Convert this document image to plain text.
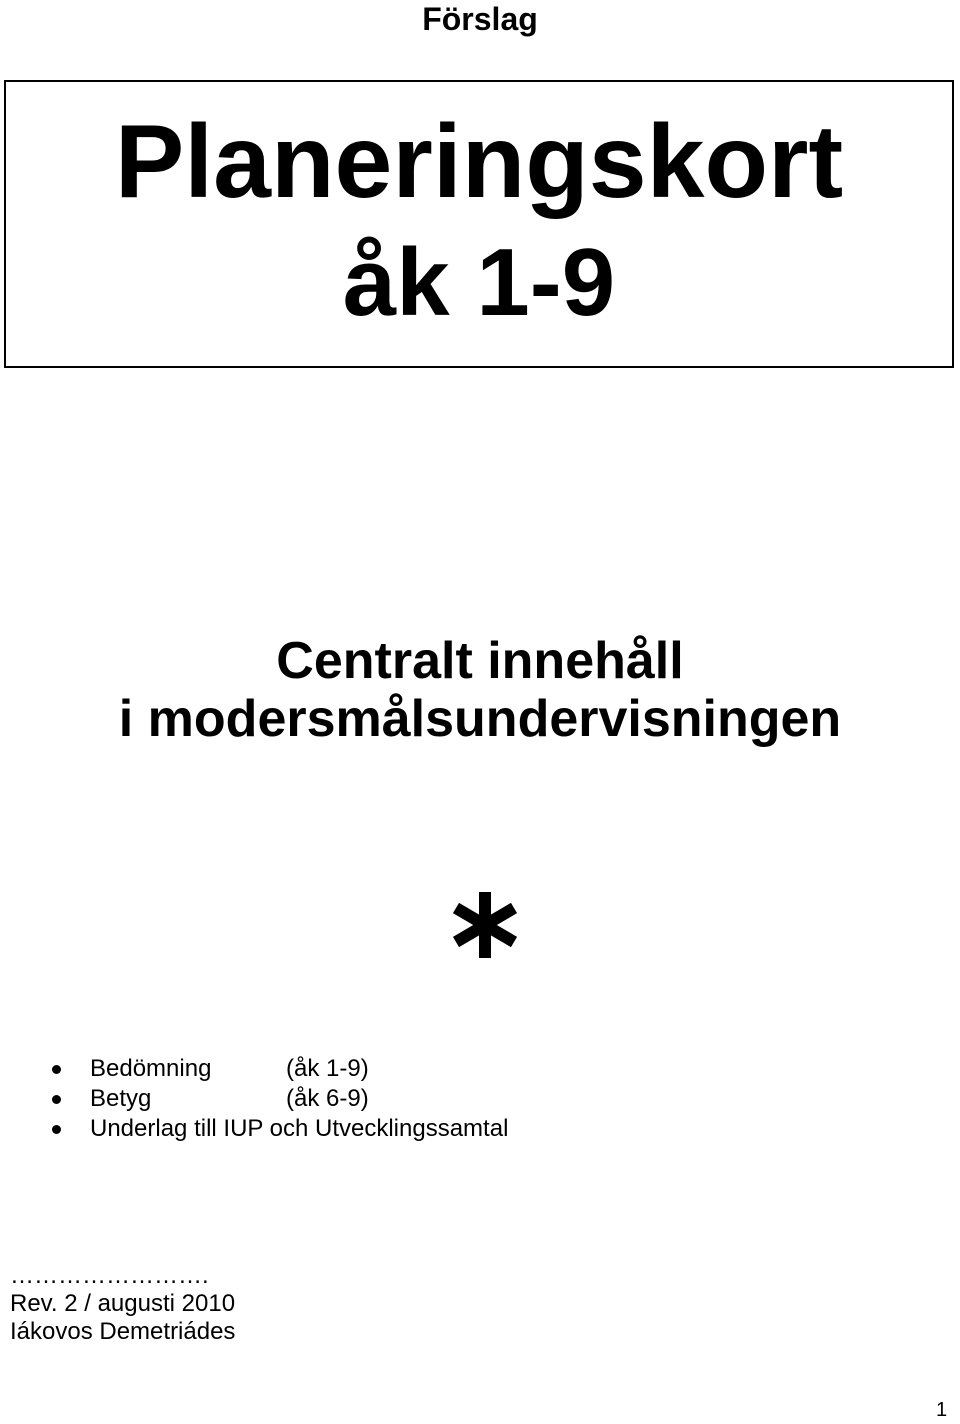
Förslag
Planeringskort
åk 1-9
Centralt innehåll
i modersmålsundervisningen
Bedömning	(åk 1-9)
Betyg	(åk 6-9)
Underlag till IUP och Utvecklingssamtal
…………………….
Rev. 2 / augusti 2010
Iákovos Demetriádes
1
